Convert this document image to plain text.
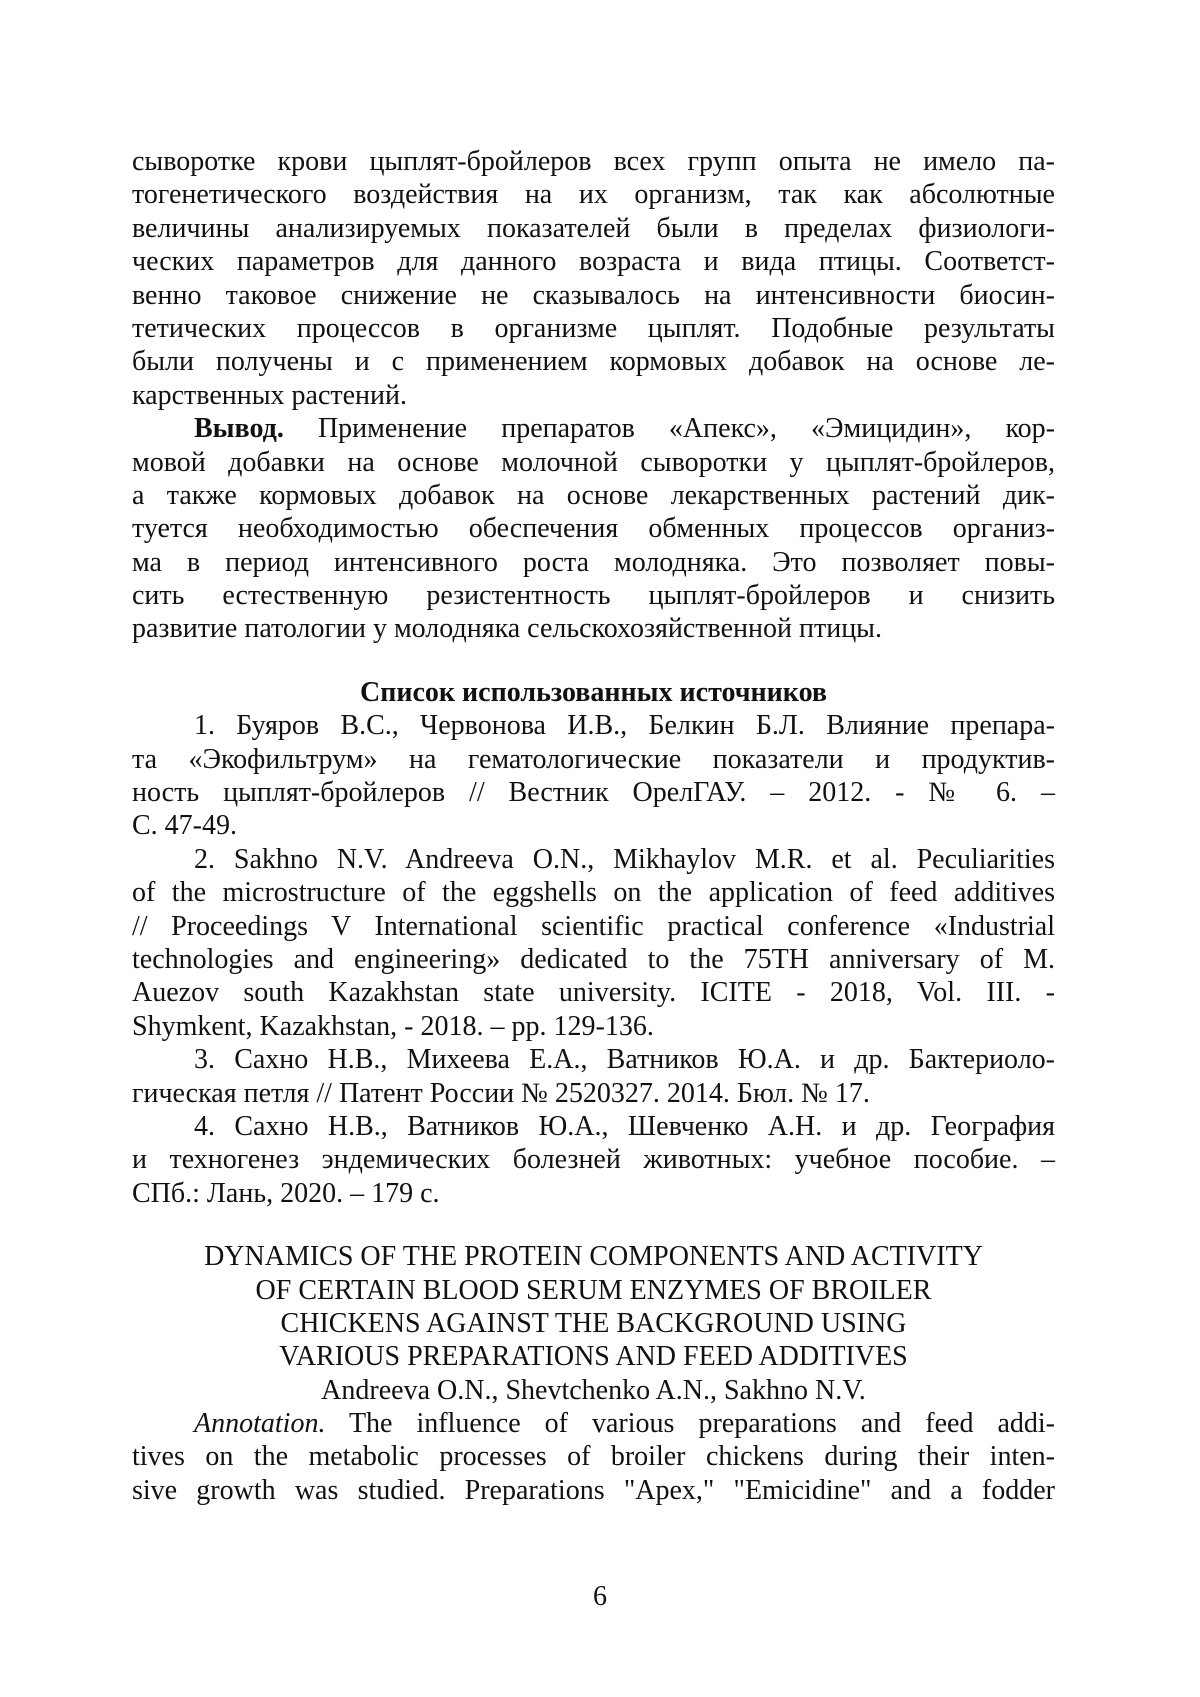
сыворотке крови цыплят-бройлеров всех групп опыта не имело па-
тогенетического воздействия на их организм, так как абсолютные
величины анализируемых показателей были в пределах физиологи-
ческих параметров для данного возраста и вида птицы. Соответст-
венно таковое снижение не сказывалось на интенсивности биосин-
тетических процессов в организме цыплят. Подобные результаты
были получены и с применением кормовых добавок на основе ле-
карственных растений.
Вывод. Применение препаратов «Апекс», «Эмицидин», кор-
мовой добавки на основе молочной сыворотки у цыплят-бройлеров,
а также кормовых добавок на основе лекарственных растений дик-
туется необходимостью обеспечения обменных процессов организ-
ма в период интенсивного роста молодняка. Это позволяет повы-
сить естественную резистентность цыплят-бройлеров и снизить
развитие патологии у молодняка сельскохозяйственной птицы.
Список использованных источников
1. Буяров В.С., Червонова И.В., Белкин Б.Л. Влияние препара-
та «Экофильтрум» на гематологические показатели и продуктив-
ность цыплят-бройлеров // Вестник ОрелГАУ. – 2012. - № 6. –
С. 47-49.
2. Sakhno N.V. Andreeva O.N., Mikhaylov M.R. et al. Peculiarities
of the microstructure of the eggshells on the application of feed additives
// Proceedings V International scientific practical conference «Industrial
technologies and engineering» dedicated to the 75TH anniversary of M.
Auezov south Kazakhstan state university. ICITE - 2018, Vol. III. -
Shymkent, Kazakhstan, - 2018. – pp. 129-136.
3. Сахно Н.В., Михеева Е.А., Ватников Ю.А. и др. Бактериоло-
гическая петля // Патент России № 2520327. 2014. Бюл. № 17.
4. Сахно Н.В., Ватников Ю.А., Шевченко А.Н. и др. География
и техногенез эндемических болезней животных: учебное пособие. –
СПб.: Лань, 2020. – 179 с.
DYNAMICS OF THE PROTEIN COMPONENTS AND ACTIVITY
OF CERTAIN BLOOD SERUM ENZYMES OF BROILER
CHICKENS AGAINST THE BACKGROUND USING
VARIOUS PREPARATIONS AND FEED ADDITIVES
Andreeva O.N., Shevtchenko A.N., Sakhno N.V.
Annotation. The influence of various preparations and feed addi-
tives on the metabolic processes of broiler chickens during their inten-
sive growth was studied. Preparations "Apex," "Emicidine" and a fodder
6
